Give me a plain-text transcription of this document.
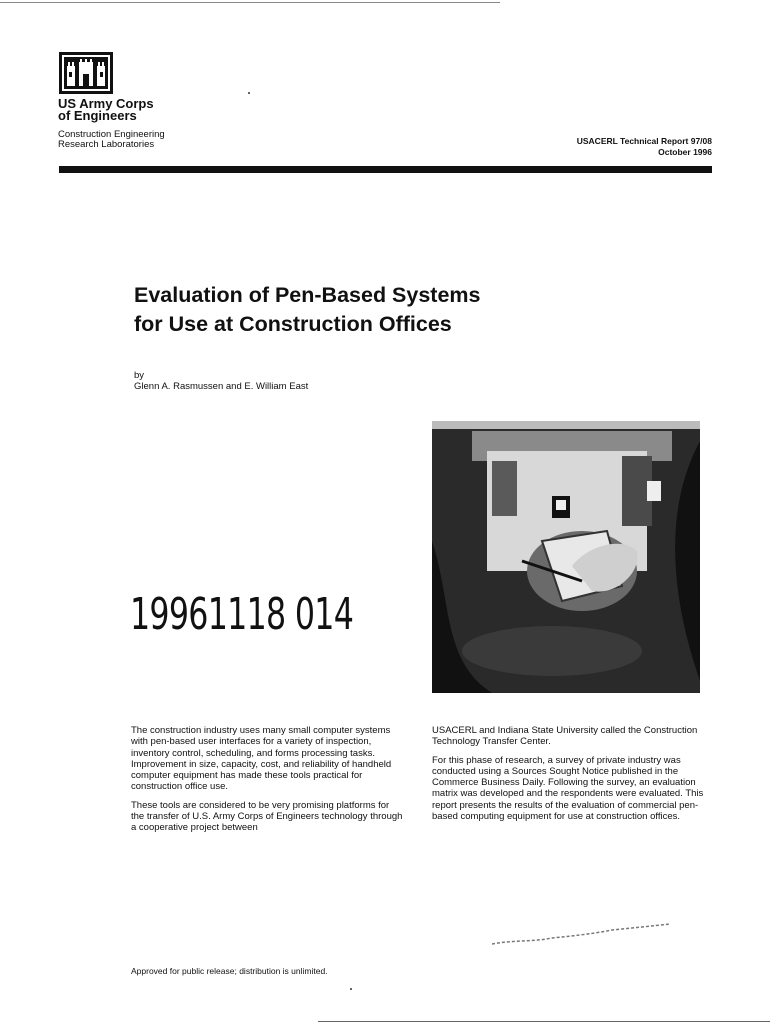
US Army Corps
of Engineers
Construction Engineering
Research Laboratories	USACERL Technical Report 97/08
October 1996
Evaluation of Pen-Based Systems
for Use at Construction Offices
by
Glenn A. Rasmussen and E. William East
19961118 014

The construction industry uses many small computer systems with pen-based user interfaces for a variety of inspection, inventory control, scheduling, and forms processing tasks. Improvement in size, capacity, cost, and reliability of handheld computer equipment has made these tools practical for construction office use.

These tools are considered to be very promising platforms for the transfer of U.S. Army Corps of Engineers technology through a cooperative project between

USACERL and Indiana State University called the Construction Technology Transfer Center.

For this phase of research, a survey of private industry was conducted using a Sources Sought Notice published in the Commerce Business Daily. Following the survey, an evaluation matrix was developed and the respondents were evaluated. This report presents the results of the evaluation of commercial pen-based computing equipment for use at construction offices.

Approved for public release; distribution is unlimited.
